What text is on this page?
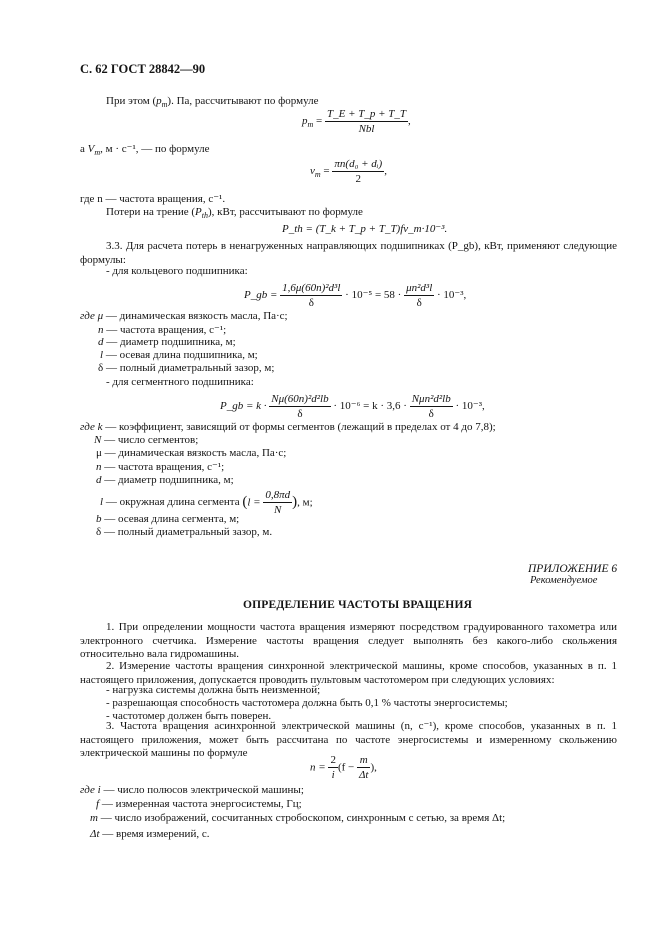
С. 62 ГОСТ 28842—90
При этом $(p_m)$. Па, рассчитывают по формуле
$p_m = \frac{T\_E + T\_p + T\_T}{\text{Nbl}}$ ,
а $V_m$, м · с⁻¹, — по формуле
$v_m = \frac{\text{πn(d₀ + dᵢ)}}{2}$ ,
где n — частота вращения, с⁻¹.
Потери на трение $(P_{th})$, кВт, рассчитывают по формуле
P_th = (T_k + T_p + T_T)fv_m·10⁻³.
3.3. Для расчета потерь в ненагруженных направляющих подшипниках (P_gb), кВт, применяют следующие формулы:
- для кольцевого подшипника:
P_gb = $\frac{\text{1,6μ(60n)²d³l}}{\delta} \cdot 10^{-5} = 58 \cdot \frac{\text{μn²d³l}}{\delta} \cdot 10^{-3}$,
где μ — динамическая вязкость масла, Па·с;
n — частота вращения, с⁻¹;
d — диаметр подшипника, м;
l — осевая длина подшипника, м;
δ — полный диаметральный зазор, м;
- для сегментного подшипника:
P_gb = $k \cdot \frac{\text{Nμ(60n)²d²lb}}{\delta} \cdot 10^{-6} = k \cdot 3,6 \cdot \frac{\text{Nμn²d²lb}}{\delta} \cdot 10^{-3}$,
где k — коэффициент, зависящий от формы сегментов (лежащий в пределах от 4 до 7,8);
N — число сегментов;
μ — динамическая вязкость масла, Па·с;
n — частота вращения, с⁻¹;
d — диаметр подшипника, м;
l — окружная длина сегмента ($l = \frac{0,8\pi d}{N}$ ), м;
b — осевая длина сегмента, м;
δ — полный диаметральный зазор, м.
ПРИЛОЖЕНИЕ 6
Рекомендуемое
ОПРЕДЕЛЕНИЕ ЧАСТОТЫ ВРАЩЕНИЯ
1. При определении мощности частота вращения измеряют посредством градуированного тахометра или электронного счетчика. Измерение частоты вращения следует выполнять без какого-либо скольжения относительно вала гидромашины.
2. Измерение частоты вращения синхронной электрической машины, кроме способов, указанных в п. 1 настоящего приложения, допускается проводить пультовым частотомером при следующих условиях:
- нагрузка системы должна быть неизменной;
- разрешающая способность частотомера должна быть 0,1 % частоты энергосистемы;
- частотомер должен быть поверен.
3. Частота вращения асинхронной электрической машины (n, с⁻¹), кроме способов, указанных в п. 1 настоящего приложения, может быть рассчитана по частоте энергосистемы и измеренному скольжению электрической машины по формуле
$n = \frac{2}{i} (f - \frac{m}{\Delta t}$ ),
где i — число полюсов электрической машины;
f — измеренная частота энергосистемы, Гц;
m — число изображений, сосчитанных стробоскопом, синхронным с сетью, за время Δt;
Δt — время измерений, с.
